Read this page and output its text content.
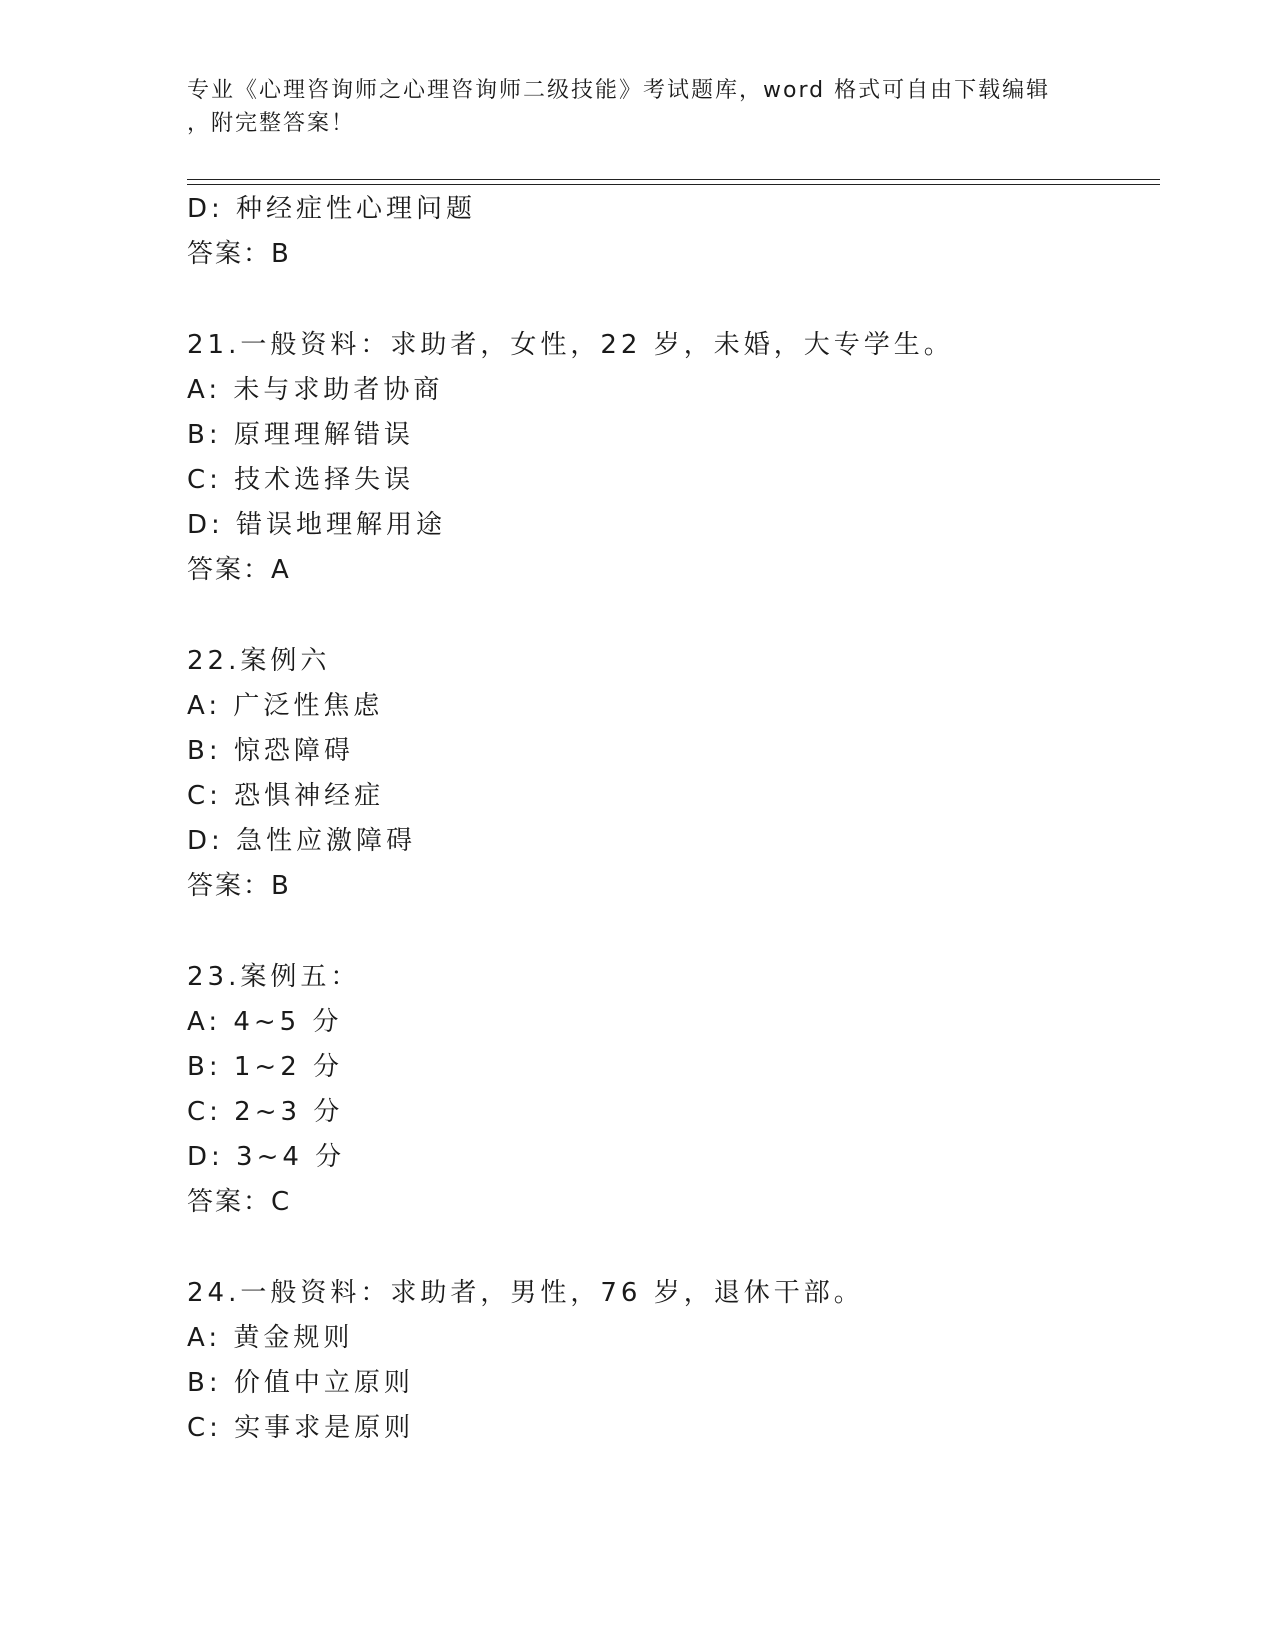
专业《心理咨询师之心理咨询师二级技能》考试题库，word 格式可自由下载编辑
，附完整答案！
D: 种经症性心理问题
答案：B
21.一般资料：求助者，女性，22 岁，未婚，大专学生。
A: 未与求助者协商
B: 原理理解错误
C: 技术选择失误
D: 错误地理解用途
答案：A
22.案例六
A: 广泛性焦虑
B: 惊恐障碍
C: 恐惧神经症
D: 急性应激障碍
答案：B
23.案例五：
A: 4~5 分
B: 1~2 分
C: 2~3 分
D: 3~4 分
答案：C
24.一般资料：求助者，男性，76 岁，退休干部。
A: 黄金规则
B: 价值中立原则
C: 实事求是原则
